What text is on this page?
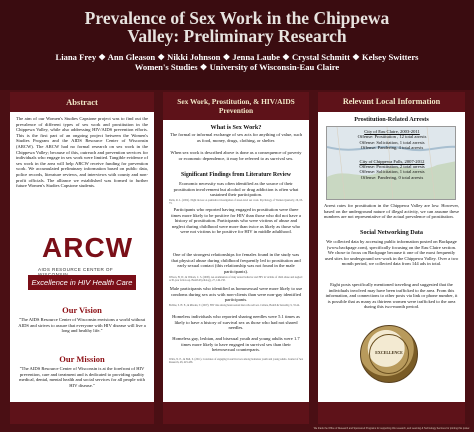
Prevalence of Sex Work in the Chippewa
Valley: Preliminary Research
Liana Frey ❖ Ann Gleason ❖ Nikki Johnson ❖ Jenna Laube ❖ Crystal Schmitt ❖ Kelsey Switters
Women's Studies ❖ University of Wisconsin-Eau Claire
Abstract
The aim of our Women's Studies Capstone project was to find out the prevalence of different types of sex work and prostitution in the Chippewa Valley, while also addressing HIV/AIDS prevention efforts. This is the first part of an ongoing project between the Women's Studies Program and the AIDS Resource Center of Wisconsin (ARCW). The ARCW had no formal research on sex work in the Chippewa Valley; because of this, outreach and prevention services for individuals who engage in sex work were limited. Tangible evidence of sex work in the area will help ARCW receive funding for prevention work. We accumulated preliminary information based on public data, police records, literature reviews, and interviews with county and non-profit officials. The alliance we established was formed to further future Women's Studies Capstone students.
ARCW
AIDS RESOURCE CENTER OF
Excellence in HIV Health Care
Our Vision
"The AIDS Resource Center of Wisconsin envisions a world without AIDS and strives to assure that everyone with HIV disease will live a long and healthy life."
Our Mission
"The AIDS Resource Center of Wisconsin is at the forefront of HIV prevention, care and treatment and is dedicated to providing quality medical, dental, mental health and social services for all people with HIV disease."
Sex Work, Prostitution, & HIV/AIDS Prevention
What is Sex Work?
The formal or informal exchange of sex acts for anything of value, such as food, money, drugs, clothing, or shelter.
When sex work is described above is done as a consequence of poverty or economic dependence, it may be referred to as survival sex.
Significant Findings from Literature Review
Economic necessity was often identified as the source of their prostitution involvement but alcohol or drug addiction is often what sustained their participation.
Dalla, R. L. (2002). Night moves: A qualitative investigation of street-level sex work. Psychology of Women Quarterly, 26, 63-73.
Participants who reported having engaged in prostitution were three times more likely to be positive for HIV than those who did not have a history of prostitution. Participants who were victims of abuse and neglect during childhood were more than twice as likely as those who were not victims to be positive for HIV in middle adulthood.
One of the strongest relationships for females found in the study was that physical abuse during childhood frequently led to prostitution and early sexual contact (this relationship was not found in the male participants).
Wilson, H. W., & Widom, C. S. (2008). An examination of risky sexual behavior and HIV in victims of child abuse and neglect: A 30-year follow-up. Health Psychology, 27, 149-158.
Male participants who identified as homosexual were more likely to use condoms during sex acts with non-clients than were non-gay identified participants.
Bobbie, S. H. E., & Rhodes, T. (2007). HIV risk among heterosexual men who sell sex. Culture, Health & Sexuality, 9, 33-44.
Homeless individuals who reported sharing needles were 5.1 times as likely to have a history of survival sex as those who had not shared needles.
Homeless gay, lesbian, and bisexual youth and young adults were 1.7 times more likely to have engaged in survival sex than their heterosexual counterparts.
Walls, N. E., & Bell, S. (2011). Correlates of engaging in survival sex among homeless youth and young adults. Journal of Sex Research, 48, 423-436.
Relevant Local Information
Prostitution-Related Arrests
City of Eau Claire, 2003-2011
Offense: Prostitution , 12 total arrests
Offense: Solicitation, 1 total arrests
Offense: Pandering, 4 total arrests
City of Chippewa Falls, 2007-2012
Offense: Prostitution, 2 total arrests
Offense: Solicitation, 1 total arrests
Offense: Pandering, 0 total arrests
Arrest rates for prostitution in the Chippewa Valley are low. However, based on the underground nature of illegal activity, we can assume these numbers are not representative of the actual prevalence of prostitution.
Social Networking Data
We collected data by accessing public information posted on Backpage (www.backpage.com), specifically focusing on the Eau Claire section. We chose to focus on Backpage because it one of the most frequently used sites for underground sex-work in the Chippewa Valley. Over a two month period, we collected data from 144 ads in total.
Eight posts specifically mentioned traveling and suggested that the individuals involved may have been trafficked to the area. From this information, and connections to other posts via link or phone number, it is possible that as many as thirteen women were trafficked to the area during this two-month period.
EXCELLENCE
We thank the Office of Research and Sponsored Programs for supporting this research, and Learning & Technology Services for printing this poster.
